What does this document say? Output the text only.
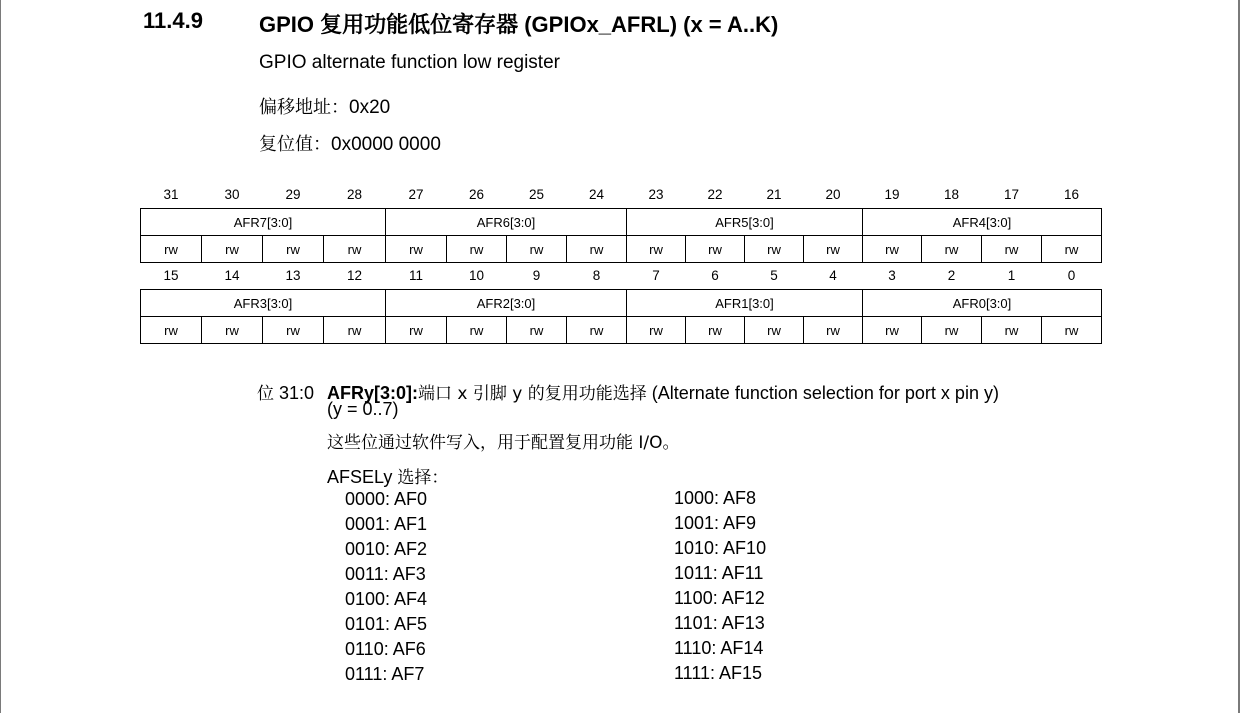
11.4.9	GPIO 复用功能低位寄存器 (GPIOx_AFRL) (x = A..K)
GPIO alternate function low register
偏移地址：0x20
复位值：0x0000 0000
31	30	29	28	27	26	25	24	23	22	21	20	19	18	17	16
AFR7[3:0]				AFR6[3:0]				AFR5[3:0]				AFR4[3:0]			
rw	rw	rw	rw	rw	rw	rw	rw	rw	rw	rw	rw	rw	rw	rw	rw
15	14	13	12	11	10	9	8	7	6	5	4	3	2	1	0
AFR3[3:0]				AFR2[3:0]				AFR1[3:0]				AFR0[3:0]			
rw	rw	rw	rw	rw	rw	rw	rw	rw	rw	rw	rw	rw	rw	rw	rw
位 31:0 AFRy[3:0]:端口 x 引脚 y 的复用功能选择 (Alternate function selection for port x pin y)
(y = 0..7)
这些位通过软件写入，用于配置复用功能 I/O。
AFSELy 选择：
0000: AF0
0001: AF1
0010: AF2
0011: AF3
0100: AF4
0101: AF5
0110: AF6
0111: AF7
1000: AF8
1001: AF9
1010: AF10
1011: AF11
1100: AF12
1101: AF13
1110: AF14
1111: AF15
